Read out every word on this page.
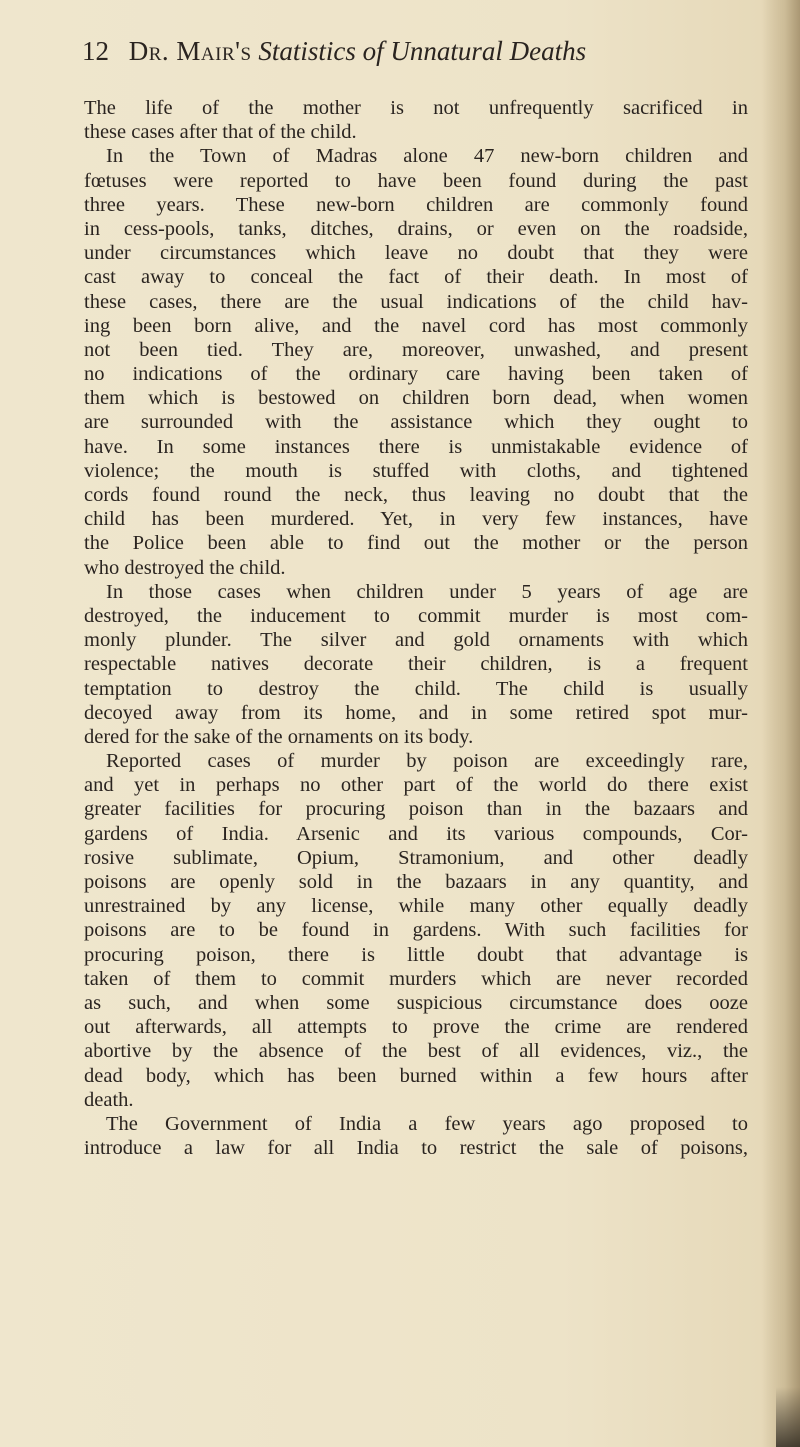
12 Dr. Mair's Statistics of Unnatural Deaths
The life of the mother is not unfrequently sacrificed in
these cases after that of the child.
In the Town of Madras alone 47 new-born children and
fœtuses were reported to have been found during the past
three years. These new-born children are commonly found
in cess-pools, tanks, ditches, drains, or even on the roadside,
under circumstances which leave no doubt that they were
cast away to conceal the fact of their death. In most of
these cases, there are the usual indications of the child hav-
ing been born alive, and the navel cord has most commonly
not been tied. They are, moreover, unwashed, and present
no indications of the ordinary care having been taken of
them which is bestowed on children born dead, when women
are surrounded with the assistance which they ought to
have. In some instances there is unmistakable evidence of
violence; the mouth is stuffed with cloths, and tightened
cords found round the neck, thus leaving no doubt that the
child has been murdered. Yet, in very few instances, have
the Police been able to find out the mother or the person
who destroyed the child.
In those cases when children under 5 years of age are
destroyed, the inducement to commit murder is most com-
monly plunder. The silver and gold ornaments with which
respectable natives decorate their children, is a frequent
temptation to destroy the child. The child is usually
decoyed away from its home, and in some retired spot mur-
dered for the sake of the ornaments on its body.
Reported cases of murder by poison are exceedingly rare,
and yet in perhaps no other part of the world do there exist
greater facilities for procuring poison than in the bazaars and
gardens of India. Arsenic and its various compounds, Cor-
rosive sublimate, Opium, Stramonium, and other deadly
poisons are openly sold in the bazaars in any quantity, and
unrestrained by any license, while many other equally deadly
poisons are to be found in gardens. With such facilities for
procuring poison, there is little doubt that advantage is
taken of them to commit murders which are never recorded
as such, and when some suspicious circumstance does ooze
out afterwards, all attempts to prove the crime are rendered
abortive by the absence of the best of all evidences, viz., the
dead body, which has been burned within a few hours after
death.
The Government of India a few years ago proposed to
introduce a law for all India to restrict the sale of poisons,
